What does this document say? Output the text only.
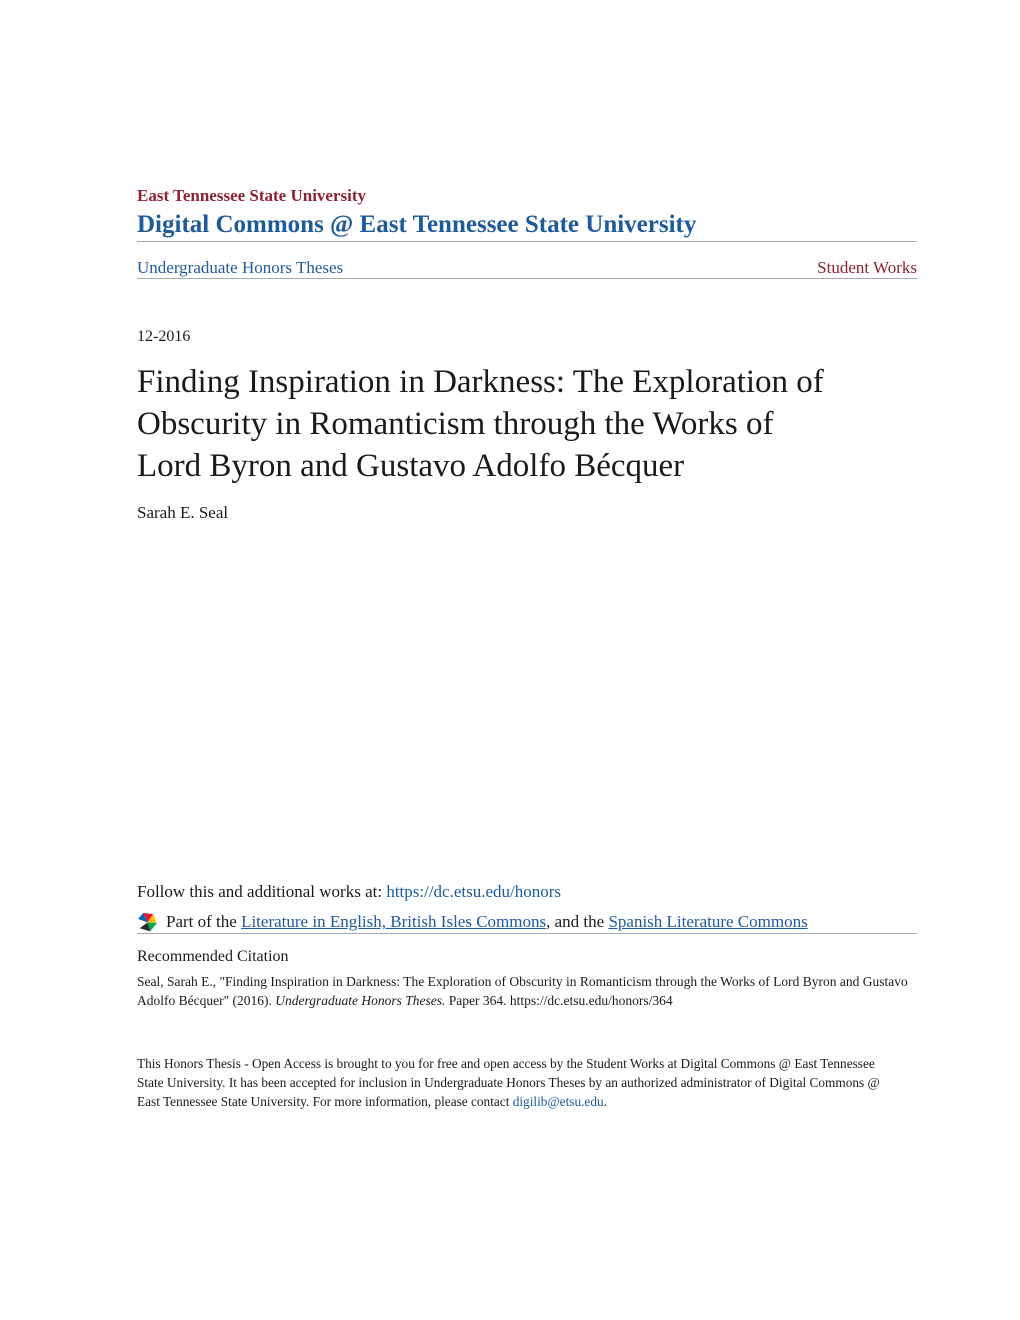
East Tennessee State University
Digital Commons @ East Tennessee State University
Undergraduate Honors Theses	Student Works
12-2016
Finding Inspiration in Darkness: The Exploration of
Obscurity in Romanticism through the Works of
Lord Byron and Gustavo Adolfo Bécquer
Sarah E. Seal

Follow this and additional works at: https://dc.etsu.edu/honors

Part of the Literature in English, British Isles Commons, and the Spanish Literature Commons

Recommended Citation

Seal, Sarah E., "Finding Inspiration in Darkness: The Exploration of Obscurity in Romanticism through the Works of Lord Byron and Gustavo Adolfo Bécquer" (2016). Undergraduate Honors Theses. Paper 364. https://dc.etsu.edu/honors/364

This Honors Thesis - Open Access is brought to you for free and open access by the Student Works at Digital Commons @ East Tennessee State University. It has been accepted for inclusion in Undergraduate Honors Theses by an authorized administrator of Digital Commons @ East Tennessee State University. For more information, please contact digilib@etsu.edu.
